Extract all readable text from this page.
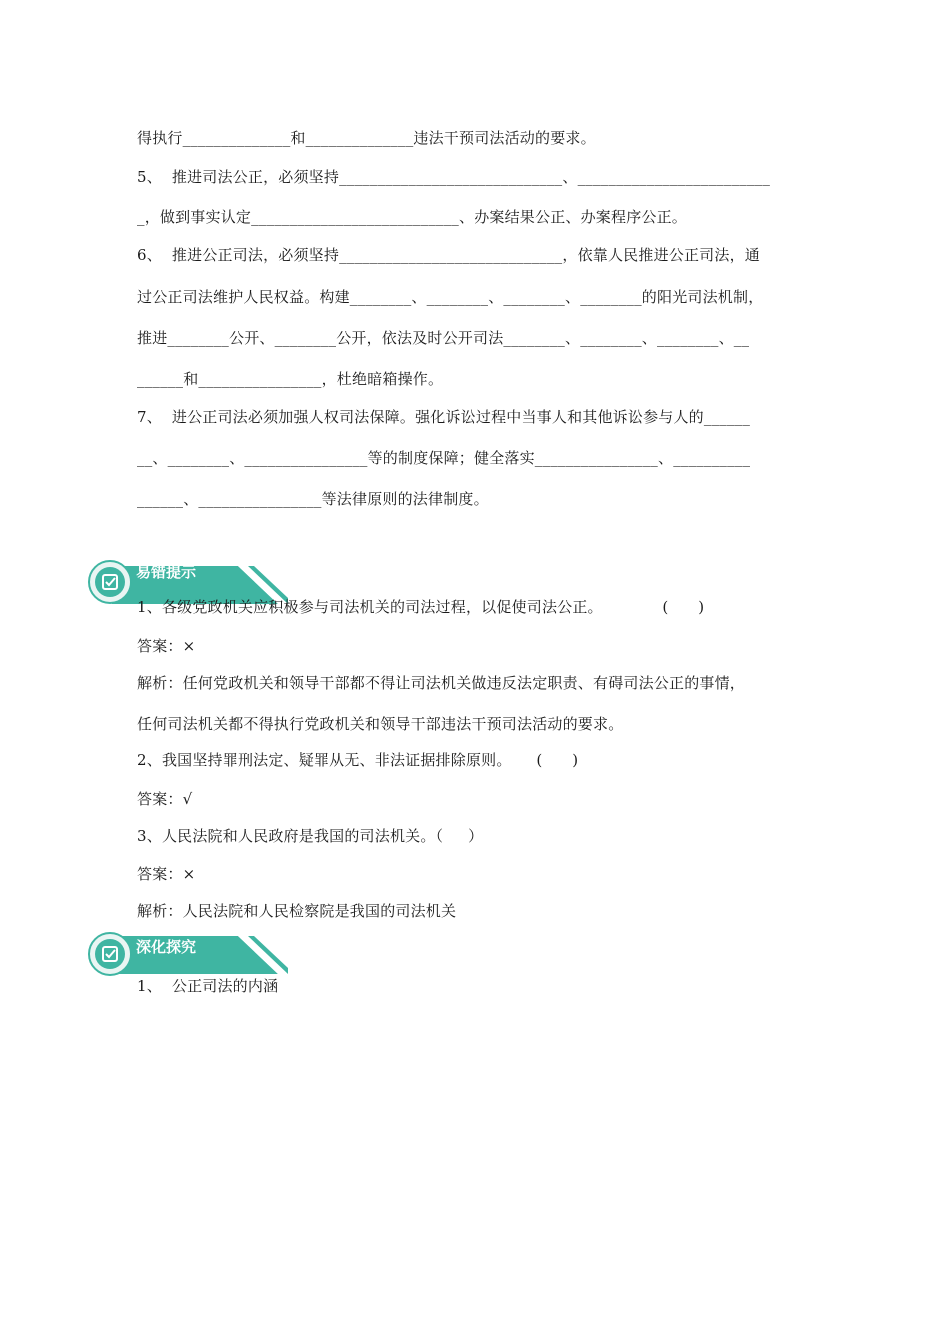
得执行______________和______________违法干预司法活动的要求。
5、  推进司法公正，必须坚持_____________________________、_________________________
_，做到事实认定___________________________、办案结果公正、办案程序公正。
6、  推进公正司法，必须坚持_____________________________，依靠人民推进公正司法，通
过公正司法维护人民权益。构建________、________、________、________的阳光司法机制，
推进________公开、________公开，依法及时公开司法________、________、________、__
______和________________，杜绝暗箱操作。
7、  进公正司法必须加强人权司法保障。强化诉讼过程中当事人和其他诉讼参与人的______
__、________、________________等的制度保障；健全落实________________、__________
______、________________等法律原则的法律制度。
易错提示
1、各级党政机关应积极参与司法机关的司法过程，以促使司法公正。            (      )
答案：×
解析：任何党政机关和领导干部都不得让司法机关做违反法定职责、有碍司法公正的事情，
任何司法机关都不得执行党政机关和领导干部违法干预司法活动的要求。
2、我国坚持罪刑法定、疑罪从无、非法证据排除原则。     (      )
答案：√
3、人民法院和人民政府是我国的司法机关。（     ）
答案：×
解析：人民法院和人民检察院是我国的司法机关
深化探究
1、  公正司法的内涵
